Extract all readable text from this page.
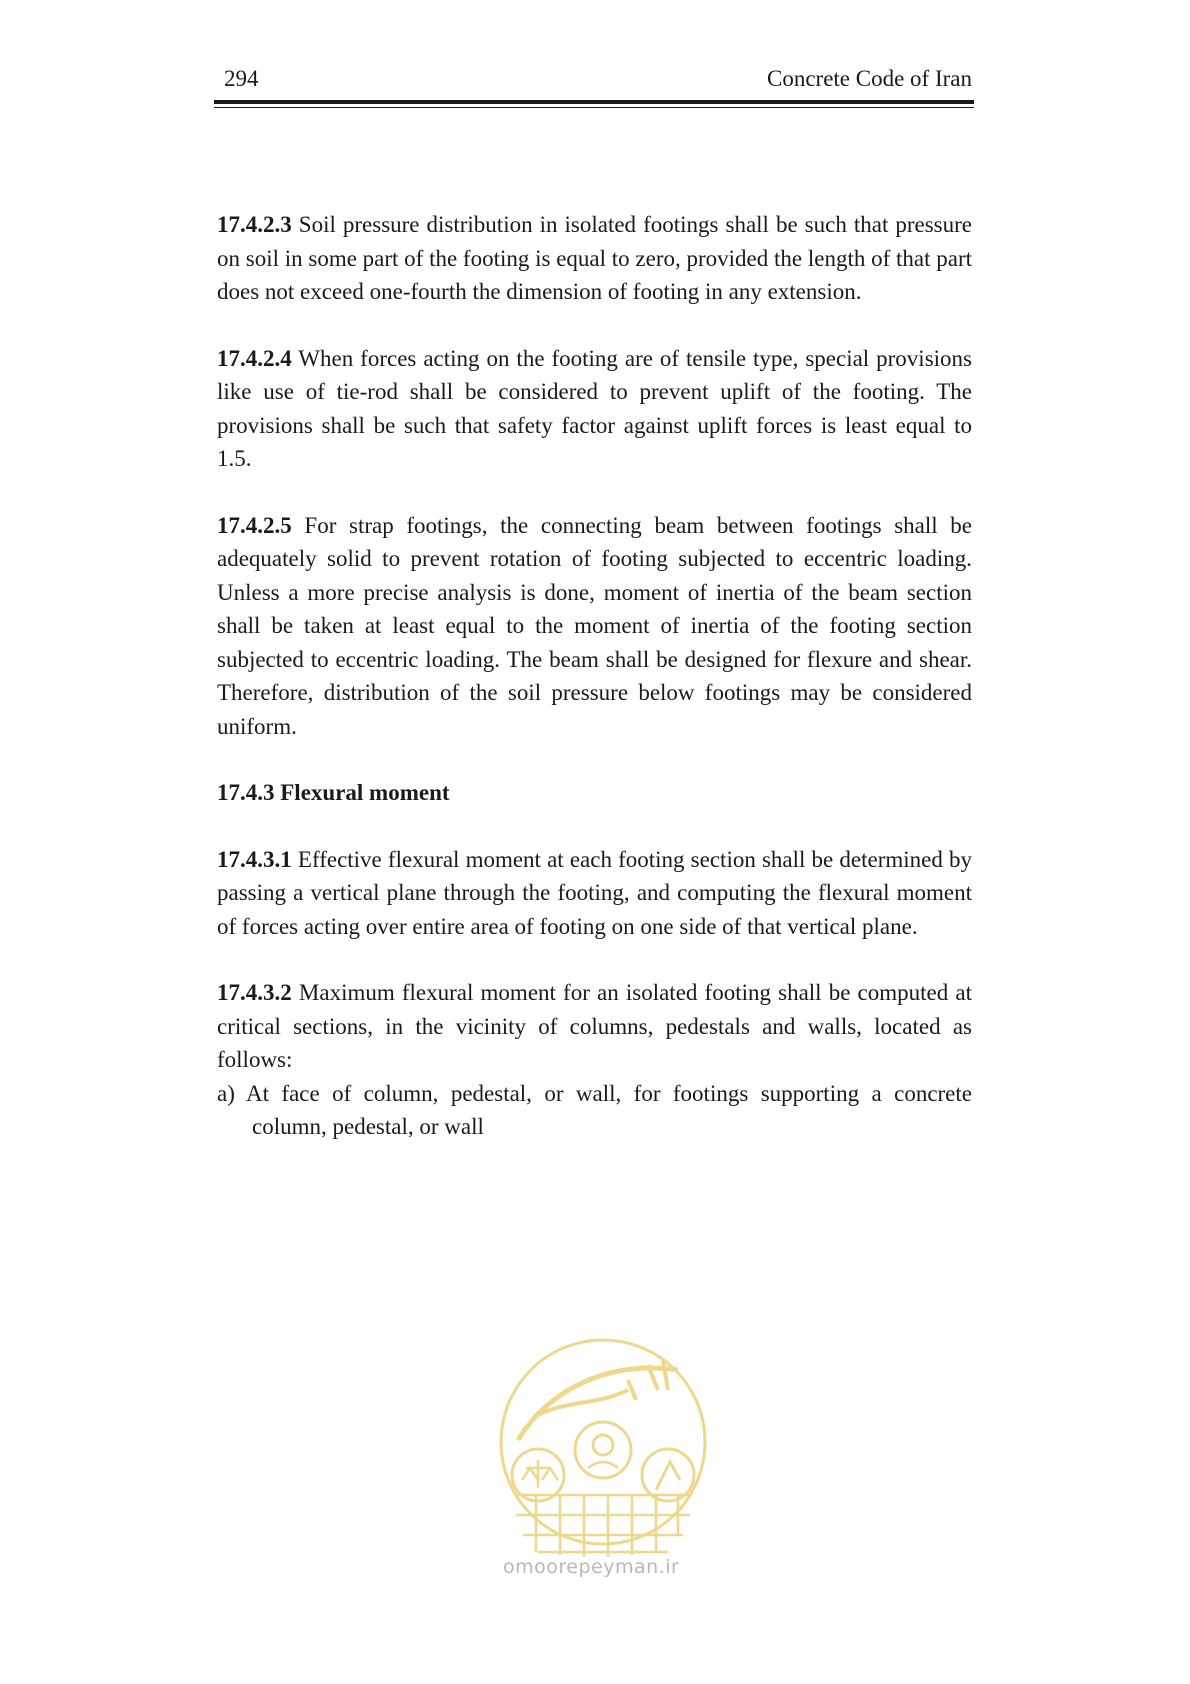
294	Concrete Code of Iran

17.4.2.3 Soil pressure distribution in isolated footings shall be such that pressure on soil in some part of the footing is equal to zero, provided the length of that part does not exceed one-fourth the dimension of footing in any extension.

17.4.2.4 When forces acting on the footing are of tensile type, special provisions like use of tie-rod shall be considered to prevent uplift of the footing. The provisions shall be such that safety factor against uplift forces is least equal to 1.5.

17.4.2.5 For strap footings, the connecting beam between footings shall be adequately solid to prevent rotation of footing subjected to eccentric loading. Unless a more precise analysis is done, moment of inertia of the beam section shall be taken at least equal to the moment of inertia of the footing section subjected to eccentric loading. The beam shall be designed for flexure and shear. Therefore, distribution of the soil pressure below footings may be considered uniform.

17.4.3 Flexural moment

17.4.3.1 Effective flexural moment at each footing section shall be determined by passing a vertical plane through the footing, and computing the flexural moment of forces acting over entire area of footing on one side of that vertical plane.

17.4.3.2 Maximum flexural moment for an isolated footing shall be computed at critical sections, in the vicinity of columns, pedestals and walls, located as follows:

a) At face of column, pedestal, or wall, for footings supporting a concrete column, pedestal, or wall

omoorepeyman.ir
